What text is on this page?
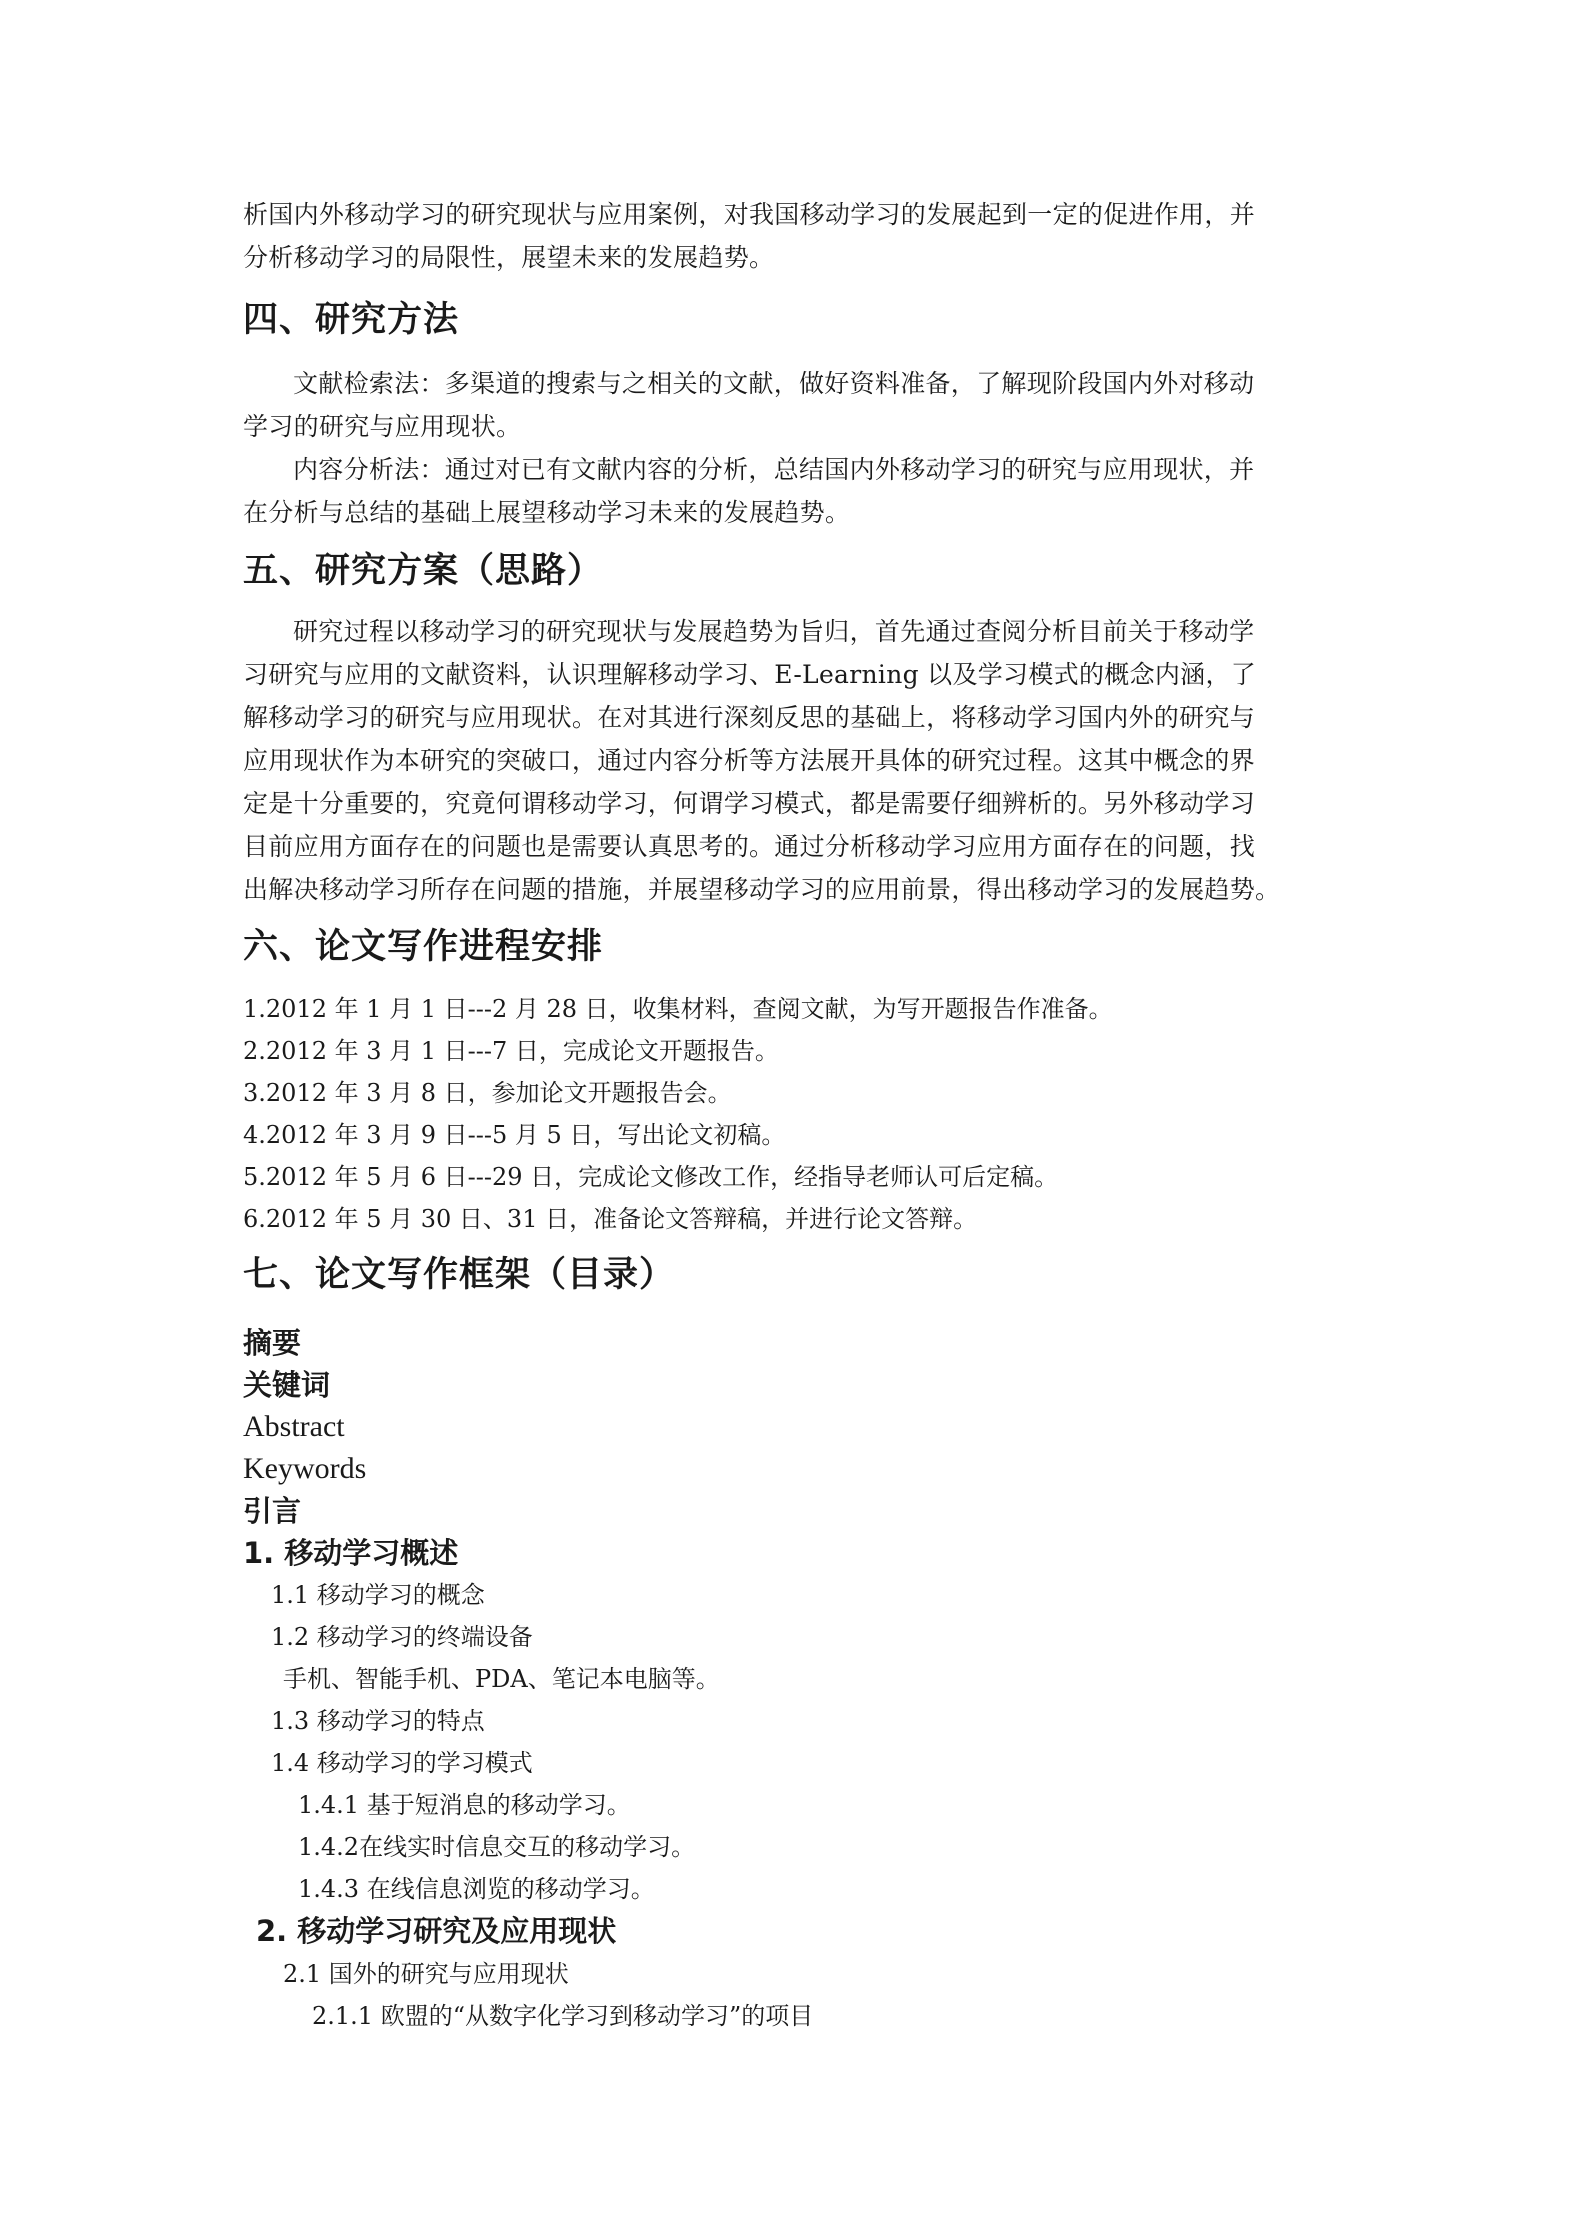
析国内外移动学习的研究现状与应用案例，对我国移动学习的发展起到一定的促进作用，并
分析移动学习的局限性，展望未来的发展趋势。

四、研究方法

文献检索法：多渠道的搜索与之相关的文献，做好资料准备，了解现阶段国内外对移动
学习的研究与应用现状。

内容分析法：通过对已有文献内容的分析，总结国内外移动学习的研究与应用现状，并
在分析与总结的基础上展望移动学习未来的发展趋势。

五、研究方案（思路）

研究过程以移动学习的研究现状与发展趋势为旨归，首先通过查阅分析目前关于移动学
习研究与应用的文献资料，认识理解移动学习、E-Learning 以及学习模式的概念内涵，了
解移动学习的研究与应用现状。在对其进行深刻反思的基础上，将移动学习国内外的研究与
应用现状作为本研究的突破口，通过内容分析等方法展开具体的研究过程。这其中概念的界
定是十分重要的，究竟何谓移动学习，何谓学习模式，都是需要仔细辨析的。另外移动学习
目前应用方面存在的问题也是需要认真思考的。通过分析移动学习应用方面存在的问题，找
出解决移动学习所存在问题的措施，并展望移动学习的应用前景，得出移动学习的发展趋势。

六、论文写作进程安排
1.2012 年 1 月 1 日---2 月 28 日，收集材料，查阅文献，为写开题报告作准备。
2.2012 年 3 月 1 日---7 日，完成论文开题报告。
3.2012 年 3 月 8 日，参加论文开题报告会。
4.2012 年 3 月 9 日---5 月 5 日，写出论文初稿。
5.2012 年 5 月 6 日---29 日，完成论文修改工作，经指导老师认可后定稿。
6.2012 年 5 月 30 日、31 日，准备论文答辩稿，并进行论文答辩。
七、论文写作框架（目录）
摘要
关键词
Abstract
Keywords
引言
1. 移动学习概述
1.1 移动学习的概念
1.2 移动学习的终端设备
手机、智能手机、PDA、笔记本电脑等。
1.3 移动学习的特点
1.4 移动学习的学习模式
1.4.1 基于短消息的移动学习。
1.4.2在线实时信息交互的移动学习。
1.4.3 在线信息浏览的移动学习。
2. 移动学习研究及应用现状
2.1 国外的研究与应用现状
2.1.1 欧盟的“从数字化学习到移动学习”的项目
